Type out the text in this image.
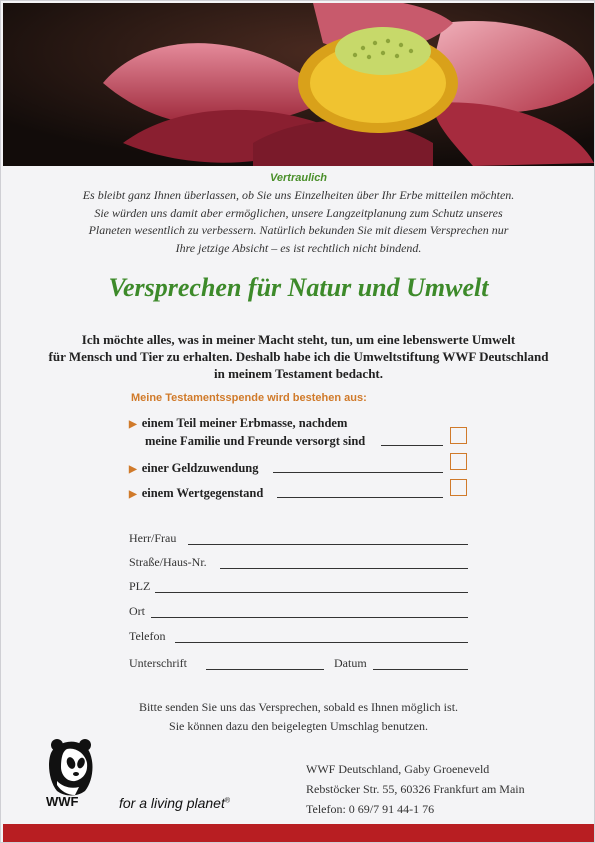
Vertraulich
Es bleibt ganz Ihnen überlassen, ob Sie uns Einzelheiten über Ihr Erbe mitteilen möchten.
Sie würden uns damit aber ermöglichen, unsere Langzeitplanung zum Schutz unseres
Planeten wesentlich zu verbessern. Natürlich bekunden Sie mit diesem Versprechen nur
Ihre jetzige Absicht – es ist rechtlich nicht bindend.
Versprechen für Natur und Umwelt
Ich möchte alles, was in meiner Macht steht, tun, um eine lebenswerte Umwelt
für Mensch und Tier zu erhalten. Deshalb habe ich die Umweltstiftung WWF Deutschland
in meinem Testament bedacht.
Meine Testamentsspende wird bestehen aus:
▶ einem Teil meiner Erbmasse, nachdem
meine Familie und Freunde versorgt sind
▶ einer Geldzuwendung
▶ einem Wertgegenstand
Herr/Frau
Straße/Haus-Nr.
PLZ
Ort
Telefon
Unterschrift	Datum
Bitte senden Sie uns das Versprechen, sobald es Ihnen möglich ist.
Sie können dazu den beigelegten Umschlag benutzen.
WWF	for a living planet®
WWF Deutschland, Gaby Groeneveld
Rebstöcker Str. 55, 60326 Frankfurt am Main
Telefon: 0 69/7 91 44-1 76
